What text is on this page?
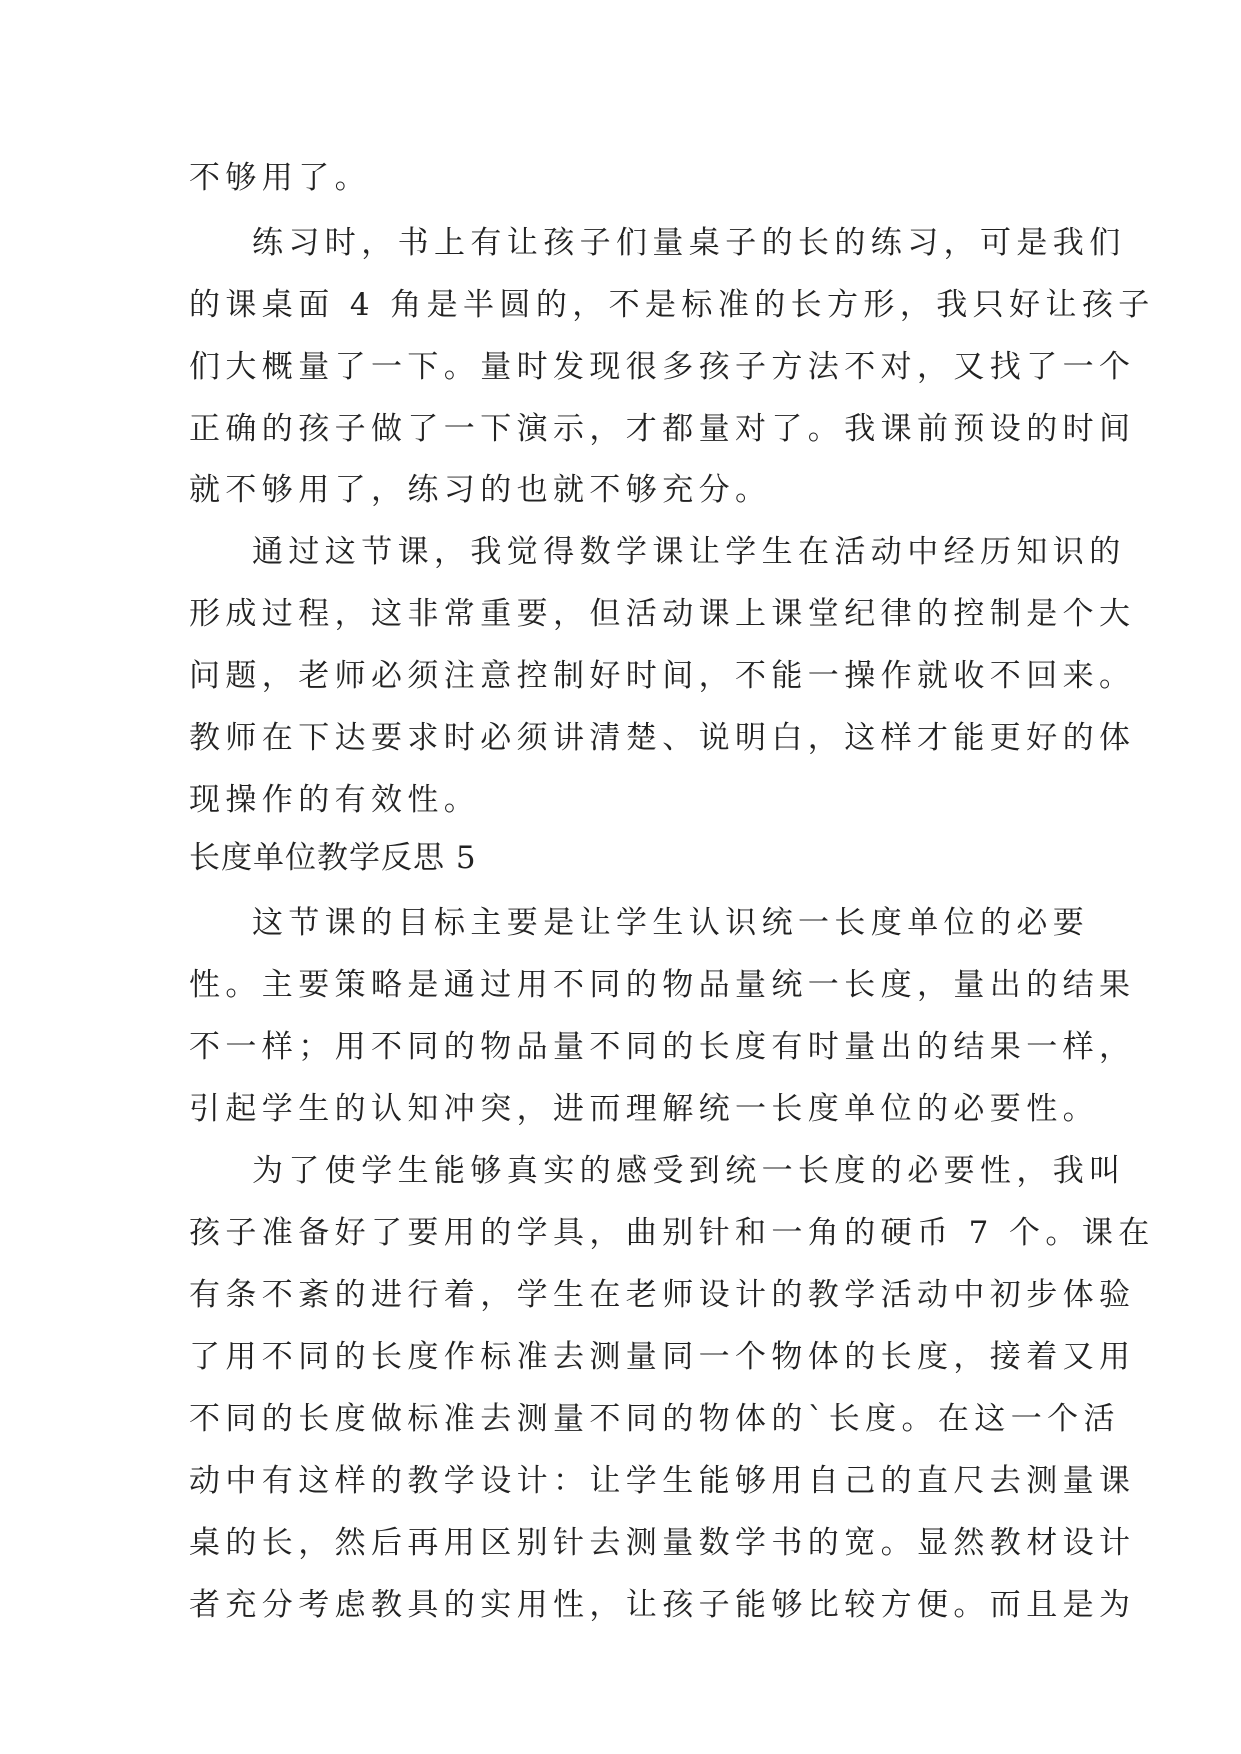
不够用了。
练习时，书上有让孩子们量桌子的长的练习，可是我们
的课桌面 4 角是半圆的，不是标准的长方形，我只好让孩子
们大概量了一下。量时发现很多孩子方法不对，又找了一个
正确的孩子做了一下演示，才都量对了。我课前预设的时间
就不够用了，练习的也就不够充分。
通过这节课，我觉得数学课让学生在活动中经历知识的
形成过程，这非常重要，但活动课上课堂纪律的控制是个大
问题，老师必须注意控制好时间，不能一操作就收不回来。
教师在下达要求时必须讲清楚、说明白，这样才能更好的体
现操作的有效性。
长度单位教学反思 5
这节课的目标主要是让学生认识统一长度单位的必要
性。主要策略是通过用不同的物品量统一长度，量出的结果
不一样；用不同的物品量不同的长度有时量出的结果一样，
引起学生的认知冲突，进而理解统一长度单位的必要性。
为了使学生能够真实的感受到统一长度的必要性，我叫
孩子准备好了要用的学具，曲别针和一角的硬币 7 个。课在
有条不紊的进行着，学生在老师设计的教学活动中初步体验
了用不同的长度作标准去测量同一个物体的长度，接着又用
不同的长度做标准去测量不同的物体的`长度。在这一个活
动中有这样的教学设计：让学生能够用自己的直尺去测量课
桌的长，然后再用区别针去测量数学书的宽。显然教材设计
者充分考虑教具的实用性，让孩子能够比较方便。而且是为
